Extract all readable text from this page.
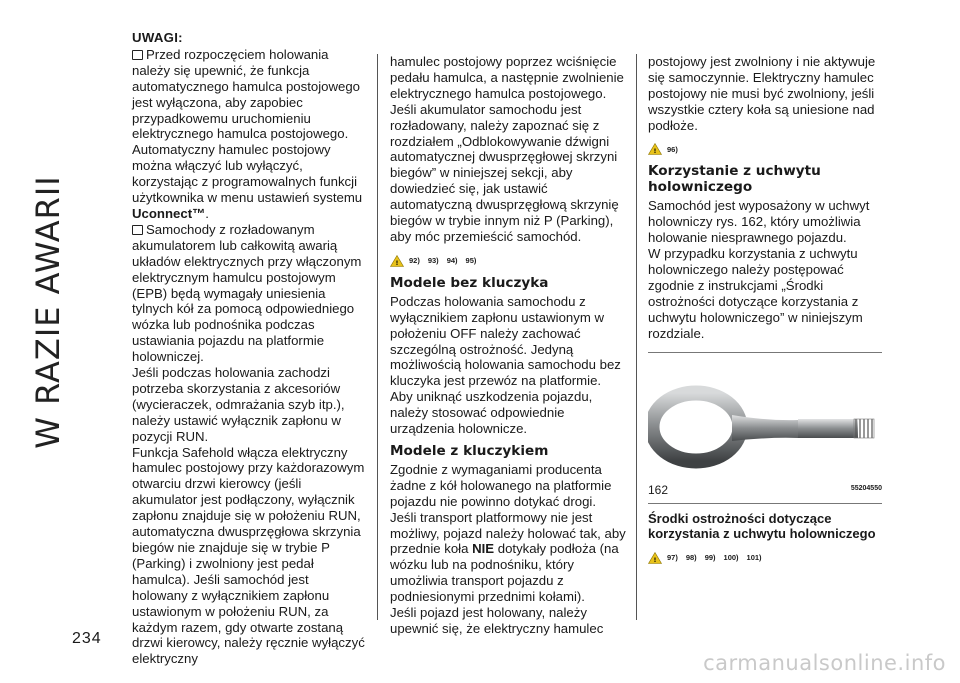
W RAZIE AWARII
234
UWAGI:

Przed rozpoczęciem holowania należy się upewnić, że funkcja automatycznego hamulca postojowego jest wyłączona, aby zapobiec przypadkowemu uruchomieniu elektrycznego hamulca postojowego. Automatyczny hamulec postojowy można włączyć lub wyłączyć, korzystając z programowalnych funkcji użytkownika w menu ustawień systemu Uconnect™.

Samochody z rozładowanym akumulatorem lub całkowitą awarią układów elektrycznych przy włączonym elektrycznym hamulcu postojowym (EPB) będą wymagały uniesienia tylnych kół za pomocą odpowiedniego wózka lub podnośnika podczas ustawiania pojazdu na platformie holowniczej.

Jeśli podczas holowania zachodzi potrzeba skorzystania z akcesoriów (wycieraczek, odmrażania szyb itp.), należy ustawić wyłącznik zapłonu w pozycji RUN.

Funkcja Safehold włącza elektryczny hamulec postojowy przy każdorazowym otwarciu drzwi kierowcy (jeśli akumulator jest podłączony, wyłącznik zapłonu znajduje się w położeniu RUN, automatyczna dwusprzęgłowa skrzynia biegów nie znajduje się w trybie P (Parking) i zwolniony jest pedał hamulca). Jeśli samochód jest holowany z wyłącznikiem zapłonu ustawionym w położeniu RUN, za każdym razem, gdy otwarte zostaną drzwi kierowcy, należy ręcznie wyłączyć elektryczny

hamulec postojowy poprzez wciśnięcie pedału hamulca, a następnie zwolnienie elektrycznego hamulca postojowego.

Jeśli akumulator samochodu jest rozładowany, należy zapoznać się z rozdziałem „Odblokowywanie dźwigni automatycznej dwusprzęgłowej skrzyni biegów” w niniejszej sekcji, aby dowiedzieć się, jak ustawić automatyczną dwusprzęgłową skrzynię biegów w trybie innym niż P (Parking), aby móc przemieścić samochód.

! 92) 93) 94) 95)
Modele bez kluczyka

Podczas holowania samochodu z wyłącznikiem zapłonu ustawionym w położeniu OFF należy zachować szczególną ostrożność. Jedyną możliwością holowania samochodu bez kluczyka jest przewóz na platformie. Aby uniknąć uszkodzenia pojazdu, należy stosować odpowiednie urządzenia holownicze.

Modele z kluczykiem

Zgodnie z wymaganiami producenta żadne z kół holowanego na platformie pojazdu nie powinno dotykać drogi.

Jeśli transport platformowy nie jest możliwy, pojazd należy holować tak, aby przednie koła NIE dotykały podłoża (na wózku lub na podnośniku, który umożliwia transport pojazdu z podniesionymi przednimi kołami).

Jeśli pojazd jest holowany, należy upewnić się, że elektryczny hamulec

postojowy jest zwolniony i nie aktywuje się samoczynnie. Elektryczny hamulec postojowy nie musi być zwolniony, jeśli wszystkie cztery koła są uniesione nad podłoże.

! 96)
Korzystanie z uchwytu holowniczego

Samochód jest wyposażony w uchwyt holowniczy rys. 162, który umożliwia holowanie niesprawnego pojazdu.

W przypadku korzystania z uchwytu holowniczego należy postępować zgodnie z instrukcjami „Środki ostrożności dotyczące korzystania z uchwytu holowniczego” w niniejszym rozdziale.

162	55204550
Środki ostrożności dotyczące korzystania z uchwytu holowniczego
! 97) 98) 99) 100) 101)
carmanualsonline.info
